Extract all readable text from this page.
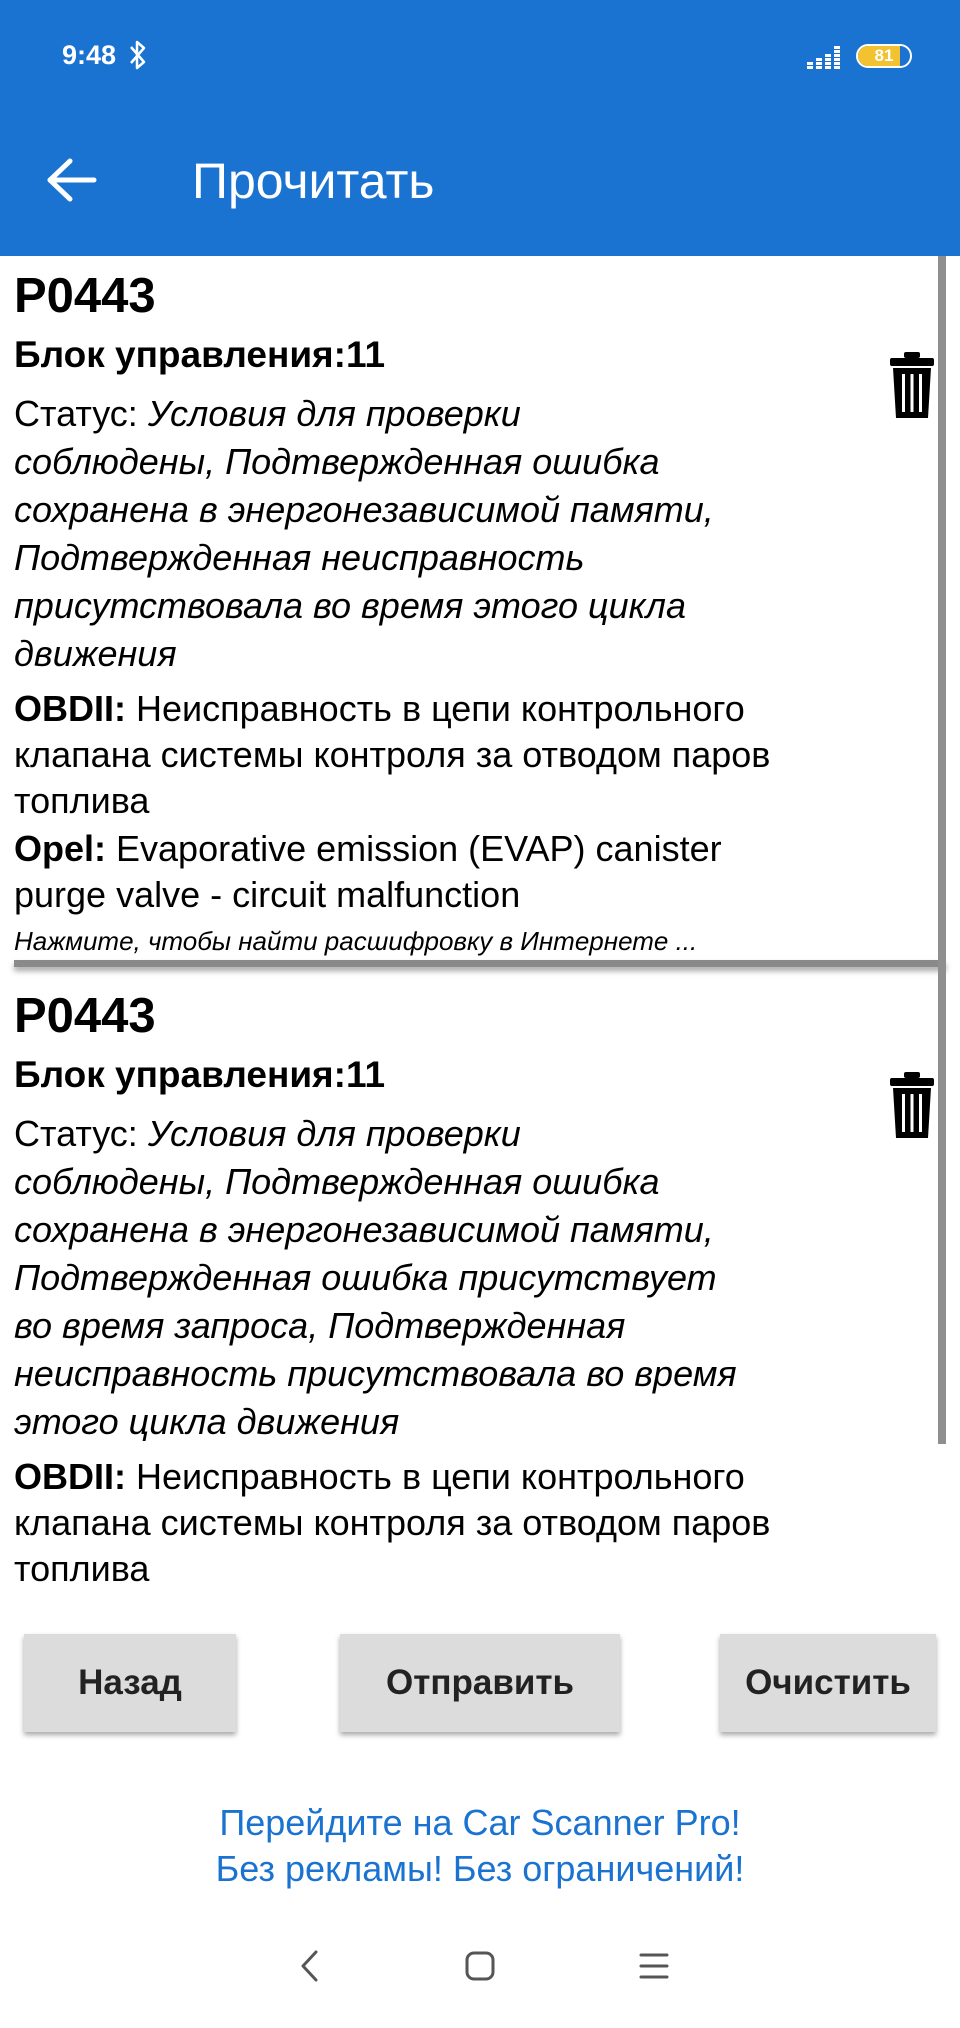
9:48	81
Прочитать
P0443
Блок управления:11
Статус: Условия для проверки
соблюдены, Подтвержденная ошибка
сохранена в энергонезависимой памяти,
Подтвержденная неисправность
присутствовала во время этого цикла
движения
OBDII: Неисправность в цепи контрольного
клапана системы контроля за отводом паров
топлива
Opel: Evaporative emission (EVAP) canister
purge valve - circuit malfunction
Нажмите, чтобы найти расшифровку в Интернете ...
P0443
Блок управления:11
Статус: Условия для проверки
соблюдены, Подтвержденная ошибка
сохранена в энергонезависимой памяти,
Подтвержденная ошибка присутствует
во время запроса, Подтвержденная
неисправность присутствовала во время
этого цикла движения
OBDII: Неисправность в цепи контрольного
клапана системы контроля за отводом паров
топлива
Назад	Отправить	Очистить
Перейдите на Car Scanner Pro!
Без рекламы! Без ограничений!
